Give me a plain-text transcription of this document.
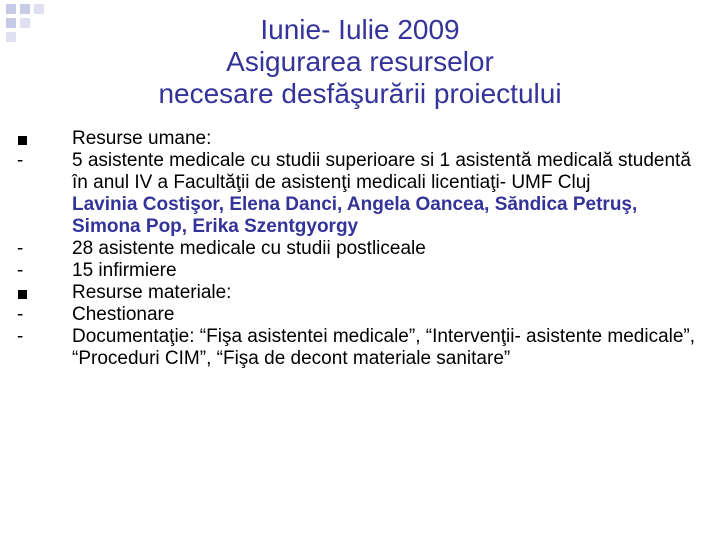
Iunie- Iulie 2009
Asigurarea resurselor
necesare desfăşurării proiectului
Resurse umane:
-	5 asistente medicale cu studii superioare si 1 asistentă medicală studentă în anul IV a Facultăţii de asistenţi medicali licentiaţi- UMF Cluj
Lavinia Costişor, Elena Danci, Angela Oancea, Săndica Petruş, Simona Pop, Erika Szentgyorgy
-	28 asistente medicale cu studii postliceale
-	15 infirmiere
Resurse materiale:
-	Chestionare
-	Documentaţie: “Fişa asistentei medicale”, “Intervenţii- asistente medicale”, “Proceduri CIM”, “Fişa de decont materiale sanitare”
